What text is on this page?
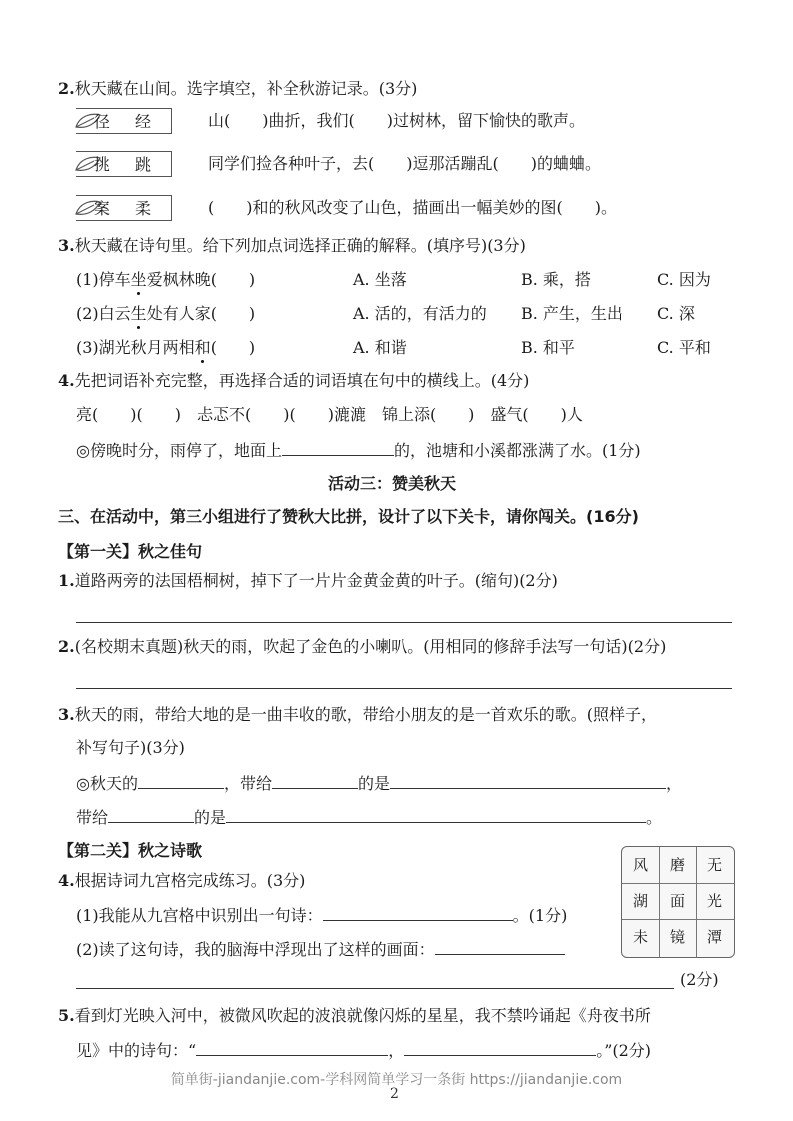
2.秋天藏在山间。选字填空，补全秋游记录。(3分)
径 经	山(　　)曲折，我们(　　)过树林，留下愉快的歌声。
挑 跳	同学们捡各种叶子，去(　　)逗那活蹦乱(　　)的蛐蛐。
案 柔	(　　)和的秋风改变了山色，描画出一幅美妙的图(　　)。
3.秋天藏在诗句里。给下列加点词选择正确的解释。(填序号)(3分)
(1)停车坐爱枫林晚(　　)	A. 坐落	B. 乘，搭	C. 因为
(2)白云生处有人家(　　)	A. 活的，有活力的 B. 产生，生出 C. 深
(3)湖光秋月两相和(　　)	A. 和谐	B. 和平	C. 平和
4.先把词语补充完整，再选择合适的词语填在句中的横线上。(4分)
亮(　　)(　　)　忐忑不(　　)(　　)漉漉　锦上添(　　)　盛气(　　)人
◎傍晚时分，雨停了，地面上	的，池塘和小溪都涨满了水。(1分)
活动三：赞美秋天
三、在活动中，第三小组进行了赞秋大比拼，设计了以下关卡，请你闯关。(16分)
【第一关】秋之佳句
1.道路两旁的法国梧桐树，掉下了一片片金黄金黄的叶子。(缩句)(2分)
2.(名校期末真题)秋天的雨，吹起了金色的小喇叭。(用相同的修辞手法写一句话)(2分)
3.秋天的雨，带给大地的是一曲丰收的歌，带给小朋友的是一首欢乐的歌。(照样子，
补写句子)(3分)
◎秋天的	，带给	的是	，
带给	的是	。
【第二关】秋之诗歌
4.根据诗词九宫格完成练习。(3分)
(1)我能从九宫格中识别出一句诗：	。(1分)
(2)读了这句诗，我的脑海中浮现出了这样的画面：
(2分)
风	磨	无
湖	面	光
未	镜	潭
5.看到灯光映入河中，被微风吹起的波浪就像闪烁的星星，我不禁吟诵起《舟夜书所
见》中的诗句：“	，	。”(2分)
简单街-jiandanjie.com-学科网简单学习一条街 https://jiandanjie.com
2
